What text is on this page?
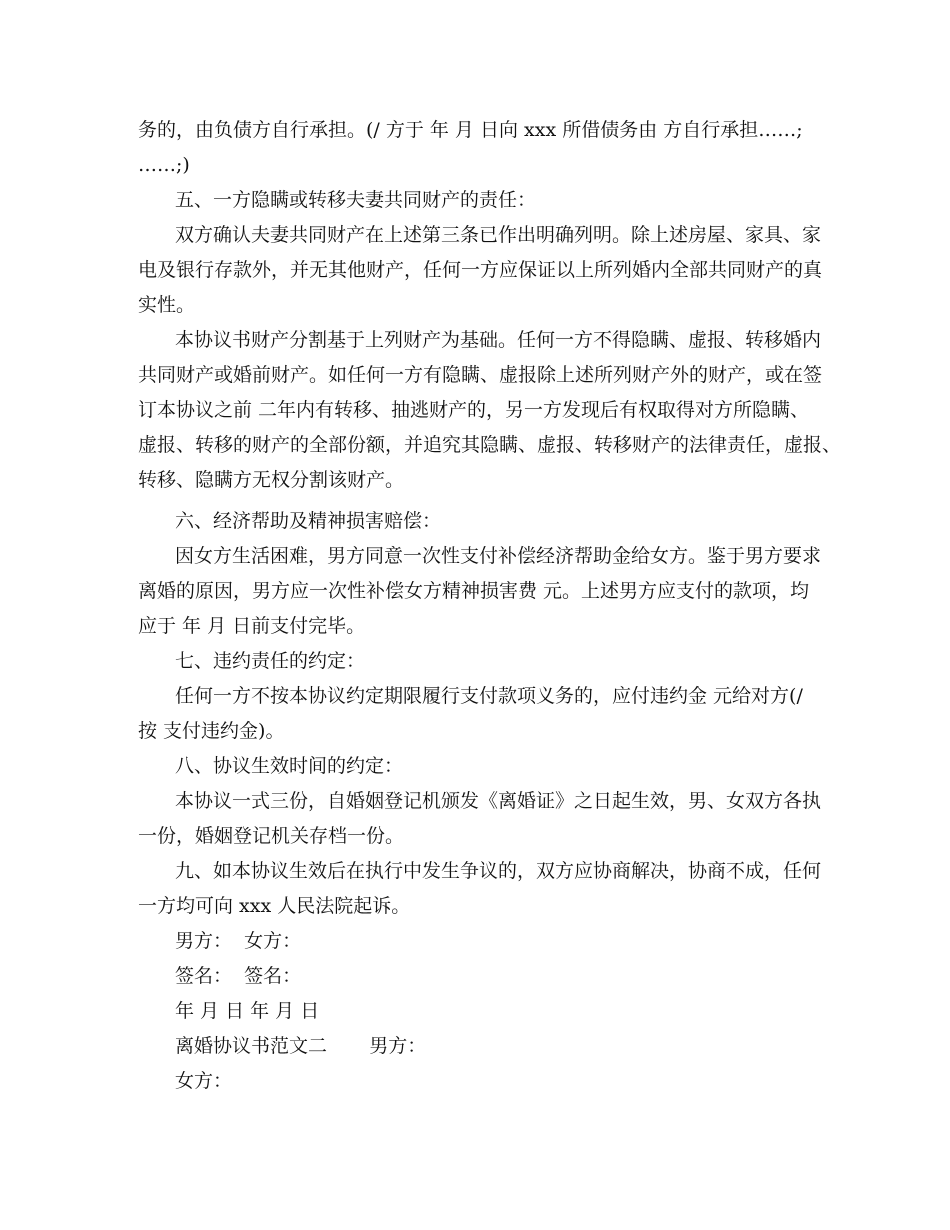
务的，由负债方自行承担。(/ 方于 年 月 日向 xxx 所借债务由 方自行承担……;
……;)
五、一方隐瞒或转移夫妻共同财产的责任：
双方确认夫妻共同财产在上述第三条已作出明确列明。除上述房屋、家具、家
电及银行存款外，并无其他财产，任何一方应保证以上所列婚内全部共同财产的真
实性。
本协议书财产分割基于上列财产为基础。任何一方不得隐瞒、虚报、转移婚内
共同财产或婚前财产。如任何一方有隐瞒、虚报除上述所列财产外的财产，或在签
订本协议之前 二年内有转移、抽逃财产的，另一方发现后有权取得对方所隐瞒、
虚报、转移的财产的全部份额，并追究其隐瞒、虚报、转移财产的法律责任，虚报、
转移、隐瞒方无权分割该财产。
六、经济帮助及精神损害赔偿：
因女方生活困难，男方同意一次性支付补偿经济帮助金给女方。鉴于男方要求
离婚的原因，男方应一次性补偿女方精神损害费 元。上述男方应支付的款项，均
应于 年 月 日前支付完毕。
七、违约责任的约定：
任何一方不按本协议约定期限履行支付款项义务的，应付违约金 元给对方(/
按 支付违约金)。
八、协议生效时间的约定：
本协议一式三份，自婚姻登记机颁发《离婚证》之日起生效，男、女双方各执
一份，婚姻登记机关存档一份。
九、如本协议生效后在执行中发生争议的，双方应协商解决，协商不成，任何
一方均可向 xxx 人民法院起诉。
男方：  女方：
签名：  签名：
年 月 日 年 月 日
离婚协议书范文二       男方：
女方：
